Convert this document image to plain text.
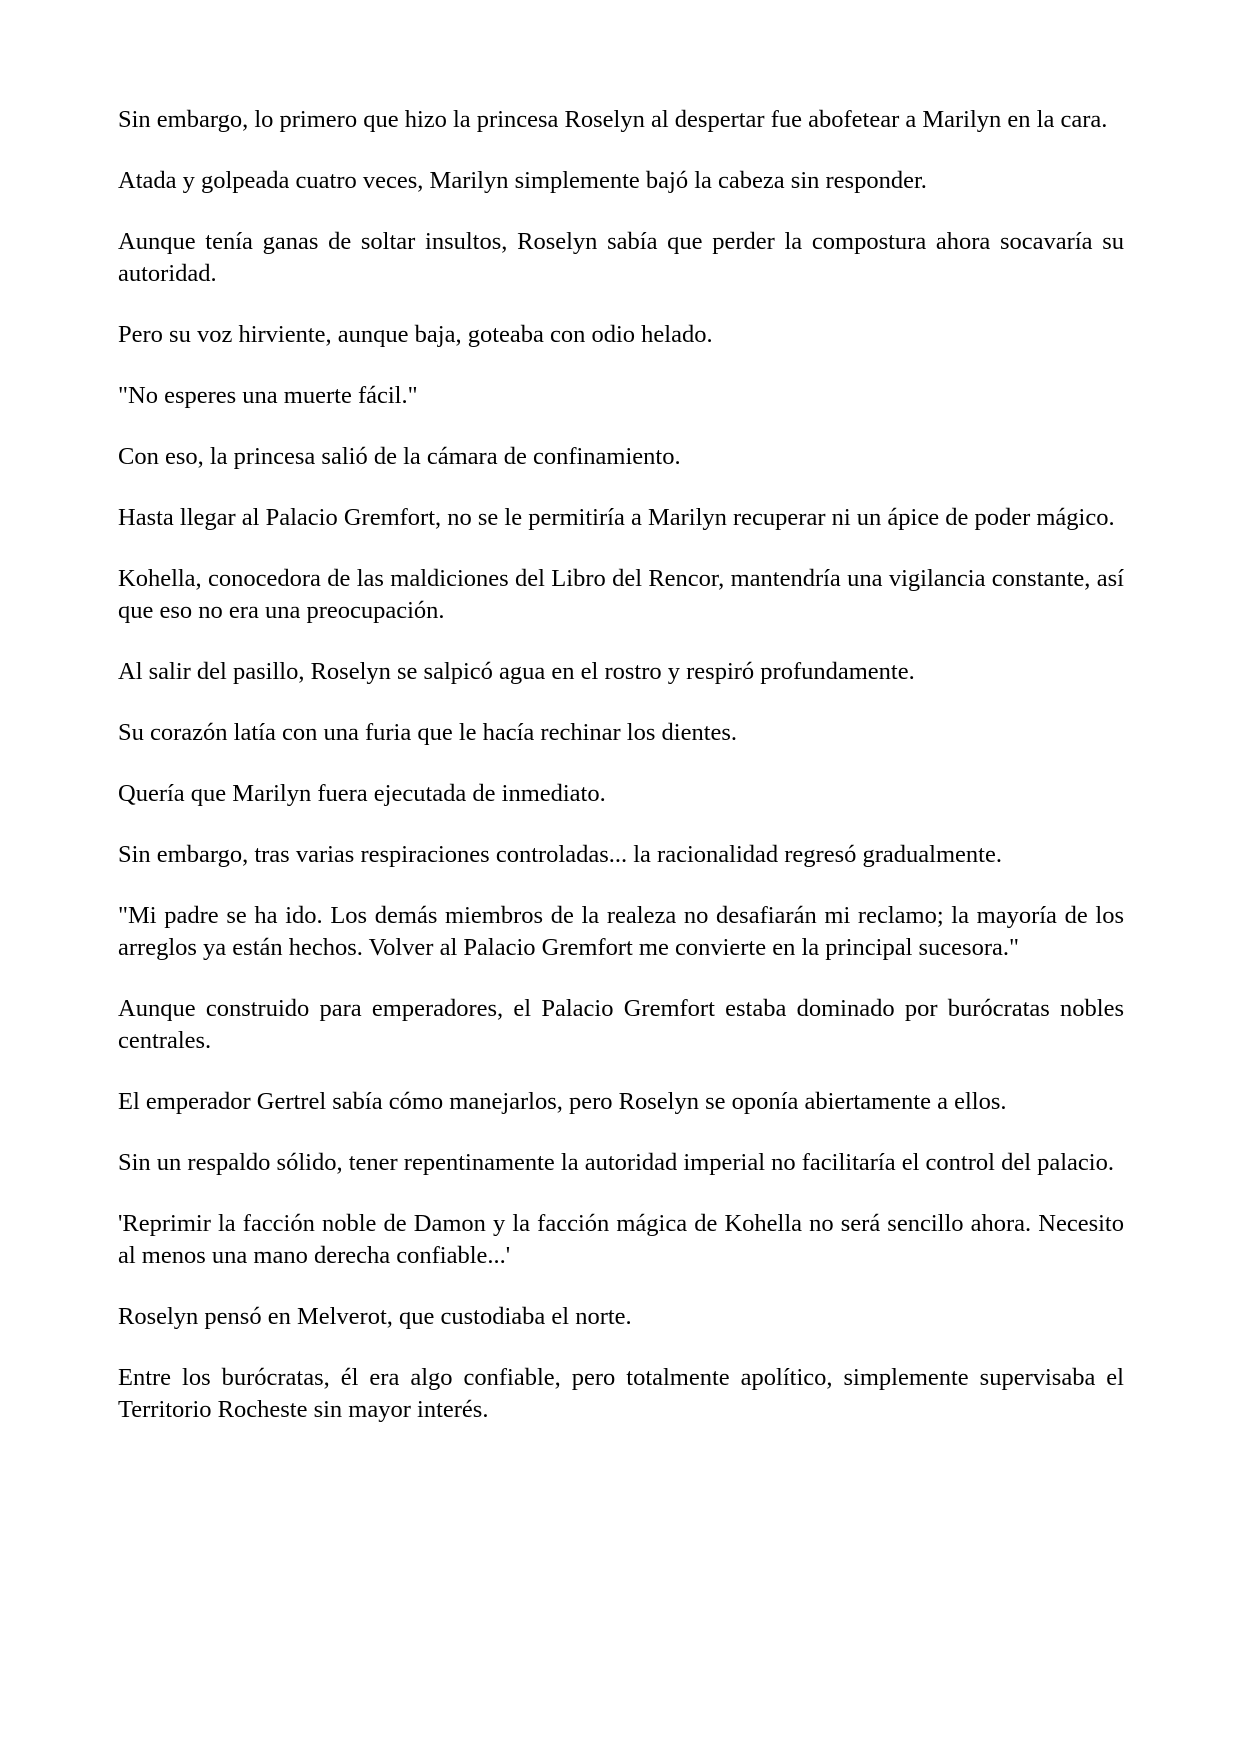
Sin embargo, lo primero que hizo la princesa Roselyn al despertar fue abofetear a Marilyn en la cara.

Atada y golpeada cuatro veces, Marilyn simplemente bajó la cabeza sin responder.

Aunque tenía ganas de soltar insultos, Roselyn sabía que perder la compostura ahora socavaría su autoridad.

Pero su voz hirviente, aunque baja, goteaba con odio helado.

"No esperes una muerte fácil."

Con eso, la princesa salió de la cámara de confinamiento.

Hasta llegar al Palacio Gremfort, no se le permitiría a Marilyn recuperar ni un ápice de poder mágico.

Kohella, conocedora de las maldiciones del Libro del Rencor, mantendría una vigilancia constante, así que eso no era una preocupación.

Al salir del pasillo, Roselyn se salpicó agua en el rostro y respiró profundamente.

Su corazón latía con una furia que le hacía rechinar los dientes.

Quería que Marilyn fuera ejecutada de inmediato.

Sin embargo, tras varias respiraciones controladas... la racionalidad regresó gradualmente.

"Mi padre se ha ido. Los demás miembros de la realeza no desafiarán mi reclamo; la mayoría de los arreglos ya están hechos. Volver al Palacio Gremfort me convierte en la principal sucesora."

Aunque construido para emperadores, el Palacio Gremfort estaba dominado por burócratas nobles centrales.

El emperador Gertrel sabía cómo manejarlos, pero Roselyn se oponía abiertamente a ellos.

Sin un respaldo sólido, tener repentinamente la autoridad imperial no facilitaría el control del palacio.

'Reprimir la facción noble de Damon y la facción mágica de Kohella no será sencillo ahora. Necesito al menos una mano derecha confiable...'

Roselyn pensó en Melverot, que custodiaba el norte.

Entre los burócratas, él era algo confiable, pero totalmente apolítico, simplemente supervisaba el Territorio Rocheste sin mayor interés.
